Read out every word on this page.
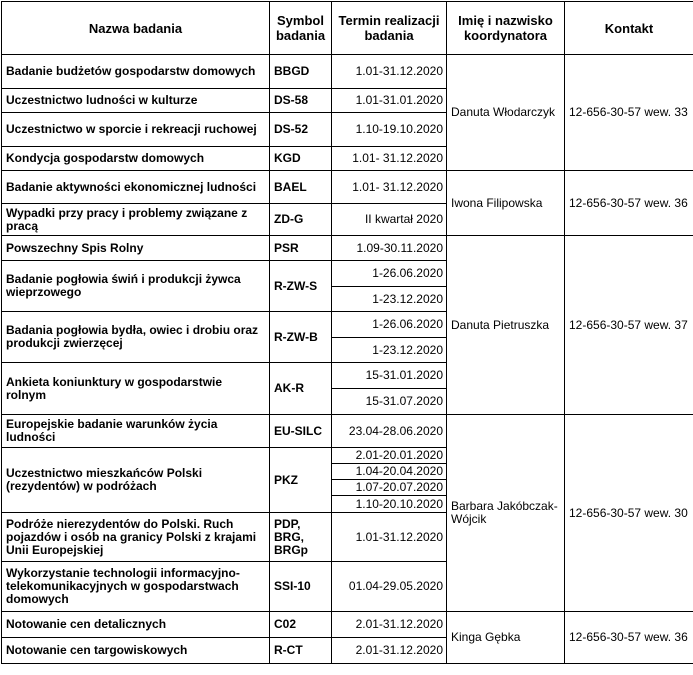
Nazwa badania	Symbol badania	Termin realizacji badania	Imię i nazwisko koordynatora	Kontakt
Badanie budżetów gospodarstw domowych	BBGD	1.01-31.12.2020	Danuta Włodarczyk	12-656-30-57 wew. 33
Uczestnictwo ludności w kulturze	DS-58	1.01-31.01.2020		
Uczestnictwo w sporcie i rekreacji ruchowej	DS-52	1.10-19.10.2020		
Kondycja gospodarstw domowych	KGD	1.01- 31.12.2020		
Badanie aktywności ekonomicznej ludności	BAEL	1.01- 31.12.2020	Iwona Filipowska	12-656-30-57 wew. 36
Wypadki przy pracy i problemy związane z pracą	ZD-G	II kwartał 2020		
Powszechny Spis Rolny	PSR	1.09-30.11.2020	Danuta Pietruszka	12-656-30-57 wew. 37
Badanie pogłowia świń i produkcji żywca wieprzowego	R-ZW-S	1-26.06.2020		
		1-23.12.2020		
Badania pogłowia bydła, owiec i drobiu oraz produkcji zwierzęcej	R-ZW-B	1-26.06.2020		
		1-23.12.2020		
Ankieta koniunktury w gospodarstwie rolnym	AK-R	15-31.01.2020		
		15-31.07.2020		
Europejskie badanie warunków życia ludności	EU-SILC	23.04-28.06.2020	Barbara Jakóbczak-Wójcik	12-656-30-57 wew. 30
Uczestnictwo mieszkańców Polski (rezydentów) w podróżach	PKZ	2.01-20.01.2020		
		1.04-20.04.2020		
		1.07-20.07.2020		
		1.10-20.10.2020		
Podróże nierezydentów do Polski. Ruch pojazdów i osób na granicy Polski z krajami Unii Europejskiej	PDP, BRG, BRGp	1.01-31.12.2020		
Wykorzystanie technologii informacyjno-telekomunikacyjnych w gospodarstwach domowych	SSI-10	01.04-29.05.2020		
Notowanie cen detalicznych	C02	2.01-31.12.2020	Kinga Gębka	12-656-30-57 wew. 36
Notowanie cen targowiskowych	R-CT	2.01-31.12.2020		
